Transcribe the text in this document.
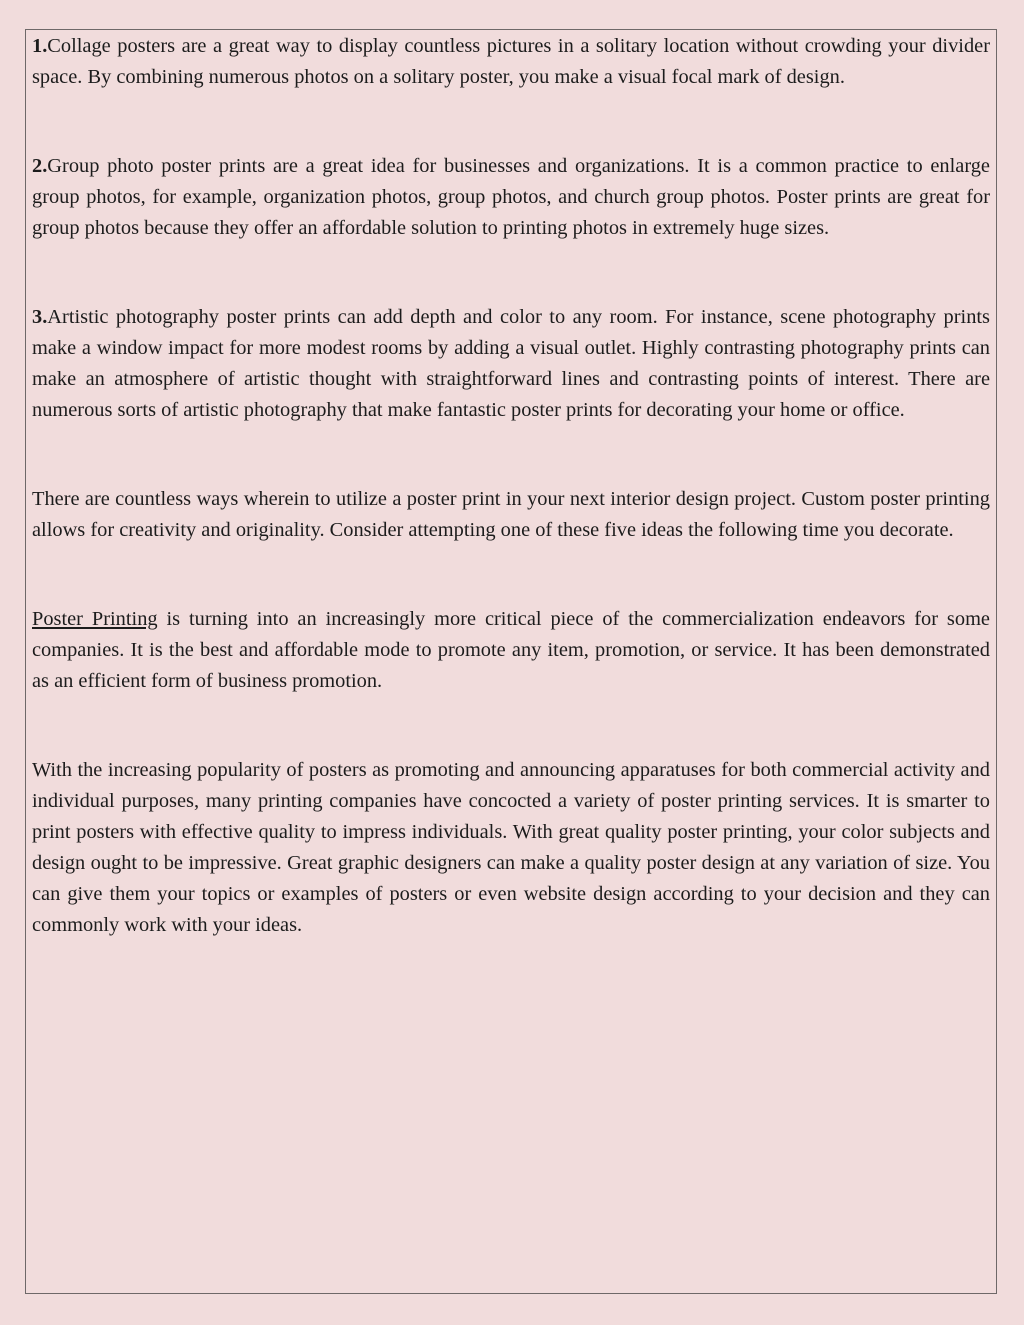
1.Collage posters are a great way to display countless pictures in a solitary location without crowding your divider space. By combining numerous photos on a solitary poster, you make a visual focal mark of design.

2.Group photo poster prints are a great idea for businesses and organizations. It is a common practice to enlarge group photos, for example, organization photos, group photos, and church group photos. Poster prints are great for group photos because they offer an affordable solution to printing photos in extremely huge sizes.

3.Artistic photography poster prints can add depth and color to any room. For instance, scene photography prints make a window impact for more modest rooms by adding a visual outlet. Highly contrasting photography prints can make an atmosphere of artistic thought with straightforward lines and contrasting points of interest. There are numerous sorts of artistic photography that make fantastic poster prints for decorating your home or office.

There are countless ways wherein to utilize a poster print in your next interior design project. Custom poster printing allows for creativity and originality. Consider attempting one of these five ideas the following time you decorate.

Poster Printing is turning into an increasingly more critical piece of the commercialization endeavors for some companies. It is the best and affordable mode to promote any item, promotion, or service. It has been demonstrated as an efficient form of business promotion.

With the increasing popularity of posters as promoting and announcing apparatuses for both commercial activity and individual purposes, many printing companies have concocted a variety of poster printing services. It is smarter to print posters with effective quality to impress individuals. With great quality poster printing, your color subjects and design ought to be impressive. Great graphic designers can make a quality poster design at any variation of size. You can give them your topics or examples of posters or even website design according to your decision and they can commonly work with your ideas.
